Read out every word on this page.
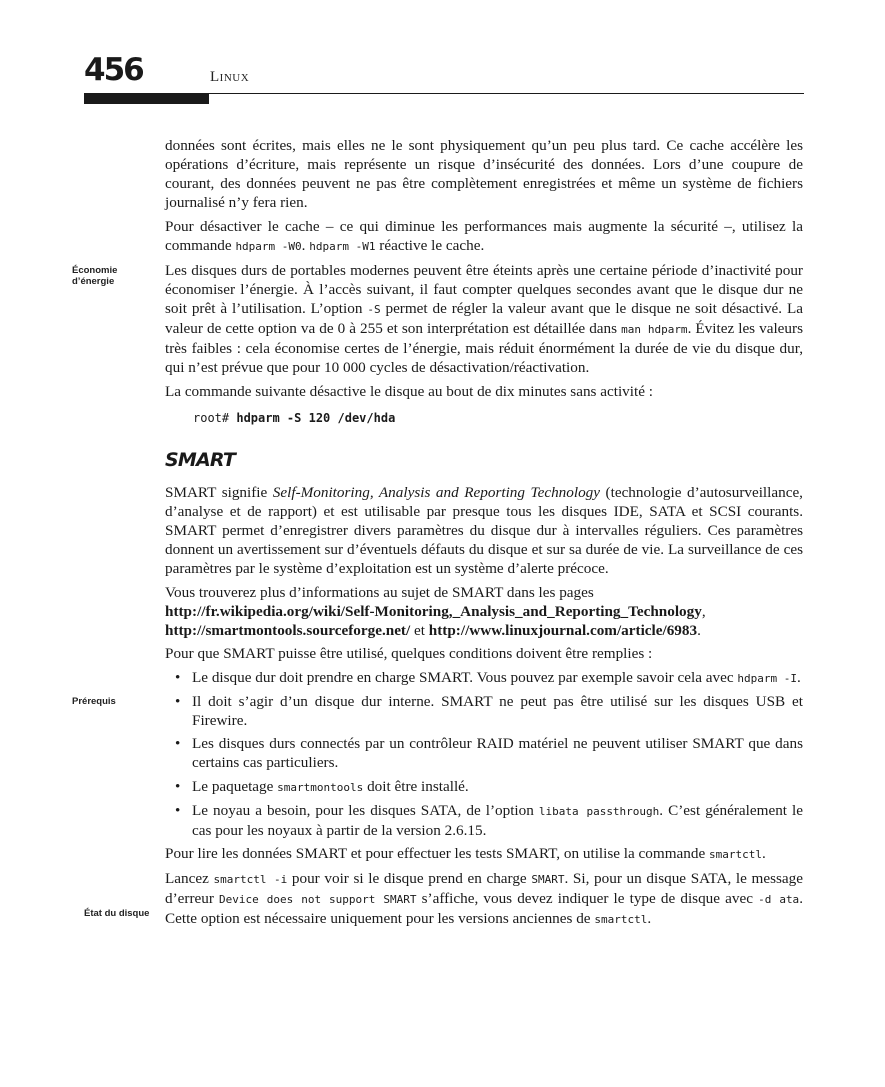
456	Linux
Économie d’énergie
Prérequis
État du disque

données sont écrites, mais elles ne le sont physiquement qu’un peu plus tard. Ce cache accélère les opérations d’écriture, mais représente un risque d’insécurité des données. Lors d’une coupure de courant, des données peuvent ne pas être complètement enregistrées et même un système de fichiers journalisé n’y fera rien.

Pour désactiver le cache – ce qui diminue les performances mais augmente la sécurité –, utilisez la commande hdparm -W0. hdparm -W1 réactive le cache.

Les disques durs de portables modernes peuvent être éteints après une certaine période d’inactivité pour économiser l’énergie. À l’accès suivant, il faut compter quelques secondes avant que le disque dur ne soit prêt à l’utilisation. L’option -S permet de régler la valeur avant que le disque ne soit désactivé. La valeur de cette option va de 0 à 255 et son interprétation est détaillée dans man hdparm. Évitez les valeurs très faibles : cela économise certes de l’énergie, mais réduit énormément la durée de vie du disque dur, qui n’est prévue que pour 10 000 cycles de désactivation/réactivation.

La commande suivante désactive le disque au bout de dix minutes sans activité :

root# hdparm -S 120 /dev/hda
SMART

SMART signifie Self-Monitoring, Analysis and Reporting Technology (technologie d’autosurveillance, d’analyse et de rapport) et est utilisable par presque tous les disques IDE, SATA et SCSI courants. SMART permet d’enregistrer divers paramètres du disque dur à intervalles réguliers. Ces paramètres donnent un avertissement sur d’éventuels défauts du disque et sur sa durée de vie. La surveillance de ces paramètres par le système d’exploitation est un système d’alerte précoce.

Vous trouverez plus d’informations au sujet de SMART dans les pages
http://fr.wikipedia.org/wiki/Self-Monitoring,_Analysis_and_Reporting_Technology,
http://smartmontools.sourceforge.net/ et http://www.linuxjournal.com/article/6983.

Pour que SMART puisse être utilisé, quelques conditions doivent être remplies :

• Le disque dur doit prendre en charge SMART. Vous pouvez par exemple savoir cela avec hdparm -I.
• Il doit s’agir d’un disque dur interne. SMART ne peut pas être utilisé sur les disques USB et Firewire.
• Les disques durs connectés par un contrôleur RAID matériel ne peuvent utiliser SMART que dans certains cas particuliers.
• Le paquetage smartmontools doit être installé.
• Le noyau a besoin, pour les disques SATA, de l’option libata passthrough. C’est généralement le cas pour les noyaux à partir de la version 2.6.15.

Pour lire les données SMART et pour effectuer les tests SMART, on utilise la commande smartctl.

Lancez smartctl -i pour voir si le disque prend en charge SMART. Si, pour un disque SATA, le message d’erreur Device does not support SMART s’affiche, vous devez indiquer le type de disque avec -d ata. Cette option est nécessaire uniquement pour les versions anciennes de smartctl.
